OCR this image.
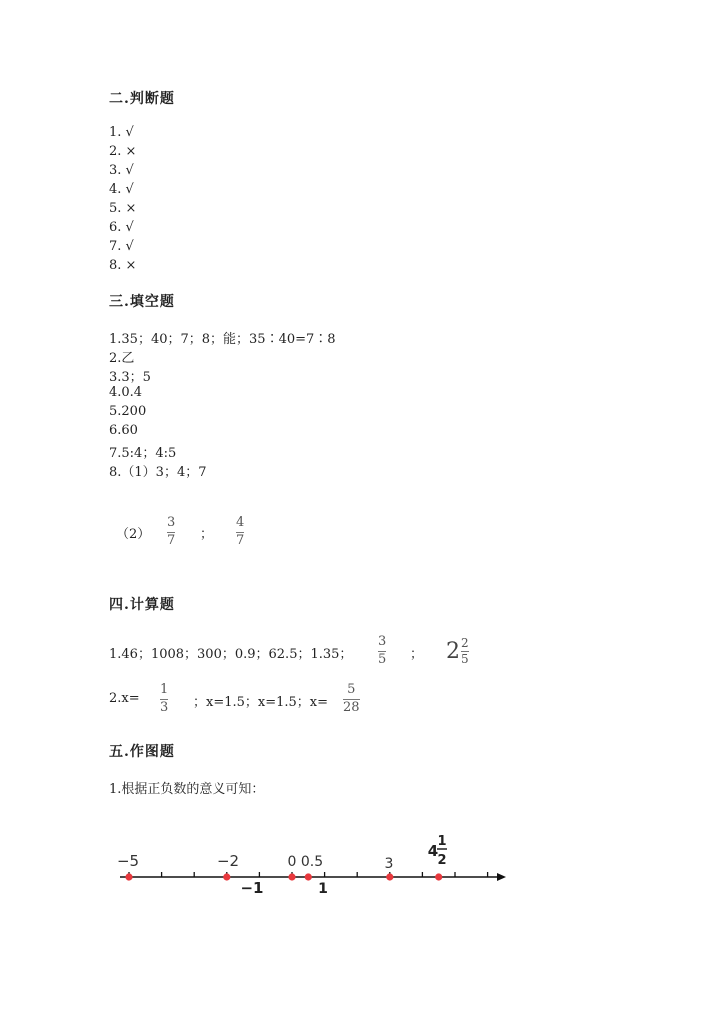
二.判断题
1. √
2. ×
3. √
4. √
5. ×
6. √
7. √
8. ×
三.填空题
1.35；40；7；8；能；35∶40=7∶8
2.乙
3.3；5
4.0.4
5.200
6.60
7.5:4；4:5
8.（1）3；4；7
（2）
3
7 ；
4
7
四.计算题
1.46；1008；300；0.9；62.5；1.35；
3
5 ； $2 \frac{2}{5}$
2.x=
1
3 ；x=1.5；x=1.5；x=
5
28
五.作图题
1.根据正负数的意义可知：
−5	−2	0 0.5	3
4
1
2
−1	1
